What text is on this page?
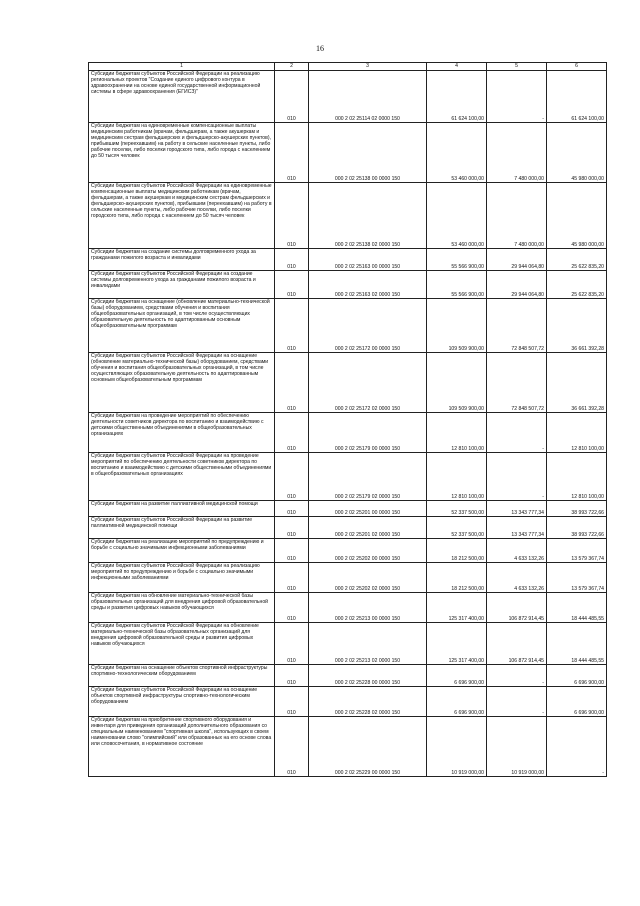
16
1	2	3	4	5	6
Субсидии бюджетам субъектов Российской Федерации на реализацию региональных проектов "Создание единого цифрового контура в здравоохранении на основе единой государственной информационной системы в сфере здравоохранения (ЕГИСЗ)"	010	000 2 02 25114 02 0000 150	61 624 100,00	-	61 624 100,00
Субсидии бюджетам на единовременные компенсационные выплаты медицинским работникам (врачам, фельдшерам, а также акушеркам и медицинским сестрам фельдшерских и фельдшерско-акушерских пунктов), прибывшим (переехавшим) на работу в сельские населенные пункты, либо рабочие поселки, либо поселки городского типа, либо города с населением до 50 тысяч человек	010	000 2 02 25138 00 0000 150	53 460 000,00	7 480 000,00	45 980 000,00
Субсидии бюджетам субъектов Российской Федерации на единовременные компенсационные выплаты медицинским работникам (врачам, фельдшерам, а также акушеркам и медицинским сестрам фельдшерских и фельдшерско-акушерских пунктов), прибывшим (переехавшим) на работу в сельские населенные пункты, либо рабочие поселки, либо поселки городского типа, либо города с населением до 50 тысяч человек	010	000 2 02 25138 02 0000 150	53 460 000,00	7 480 000,00	45 980 000,00
Субсидии бюджетам на создание системы долговременного ухода за гражданами пожилого возраста и инвалидами	010	000 2 02 25163 00 0000 150	55 566 900,00	29 944 064,80	25 622 835,20
Субсидии бюджетам субъектов Российской Федерации на создание системы долговременного ухода за гражданами пожилого возраста и инвалидами	010	000 2 02 25163 02 0000 150	55 566 900,00	29 944 064,80	25 622 835,20
Субсидии бюджетам на оснащение (обновление материально-технической базы) оборудованием, средствами обучения и воспитания общеобразовательных организаций, в том числе осуществляющих образовательную деятельность по адаптированным основным общеобразовательным программам	010	000 2 02 25172 00 0000 150	109 509 900,00	72 848 507,72	36 661 392,28
Субсидии бюджетам субъектов Российской Федерации на оснащение (обновление материально-технической базы) оборудованием, средствами обучения и воспитания общеобразовательных организаций, в том числе осуществляющих образовательную деятельность по адаптированным основным общеобразовательным программам	010	000 2 02 25172 02 0000 150	109 509 900,00	72 848 507,72	36 661 392,28
Субсидии бюджетам на проведение мероприятий по обеспечению деятельности советников директора по воспитанию и взаимодействию с детскими общественными объединениями в общеобразовательных организациях	010	000 2 02 25179 00 0000 150	12 810 100,00	-	12 810 100,00
Субсидии бюджетам субъектов Российской Федерации на проведение мероприятий по обеспечению деятельности советников директора по воспитанию и взаимодействию с детскими общественными объединениями в общеобразовательных организациях	010	000 2 02 25179 02 0000 150	12 810 100,00	-	12 810 100,00
Субсидии бюджетам на развитие паллиативной медицинской помощи	010	000 2 02 25201 00 0000 150	52 337 500,00	13 343 777,34	38 993 722,66
Субсидии бюджетам субъектов Российской Федерации на развитие паллиативной медицинской помощи	010	000 2 02 25201 02 0000 150	52 337 500,00	13 343 777,34	38 993 722,66
Субсидии бюджетам на реализацию мероприятий по предупреждению и борьбе с социально значимыми инфекционными заболеваниями	010	000 2 02 25202 00 0000 150	18 212 500,00	4 633 132,26	13 579 367,74
Субсидии бюджетам субъектов Российской Федерации на реализацию мероприятий по предупреждению и борьбе с социально значимыми инфекционными заболеваниями	010	000 2 02 25202 02 0000 150	18 212 500,00	4 633 132,26	13 579 367,74
Субсидии бюджетам на обновление материально-технической базы образовательных организаций для внедрения цифровой образовательной среды и развития цифровых навыков обучающихся	010	000 2 02 25213 00 0000 150	125 317 400,00	106 872 914,45	18 444 485,55
Субсидии бюджетам субъектов Российской Федерации на обновление материально-технической базы образовательных организаций для внедрения цифровой образовательной среды и развития цифровых навыков обучающихся	010	000 2 02 25213 02 0000 150	125 317 400,00	106 872 914,45	18 444 485,55
Субсидии бюджетам на оснащение объектов спортивной инфраструктуры спортивно-технологическим оборудованием	010	000 2 02 25228 00 0000 150	6 696 900,00	-	6 696 900,00
Субсидии бюджетам субъектов Российской Федерации на оснащение объектов спортивной инфраструктуры спортивно-технологическим оборудованием	010	000 2 02 25228 02 0000 150	6 696 900,00	-	6 696 900,00
Субсидии бюджетам на приобретение спортивного оборудования и инвентаря для приведения организаций дополнительного образования со специальным наименованием "спортивная школа", использующих в своем наименовании слово "олимпийский" или образованных на его основе слова или словосочетания, в нормативное состояние	010	000 2 02 25229 00 0000 150	10 919 000,00	10 919 000,00	-
